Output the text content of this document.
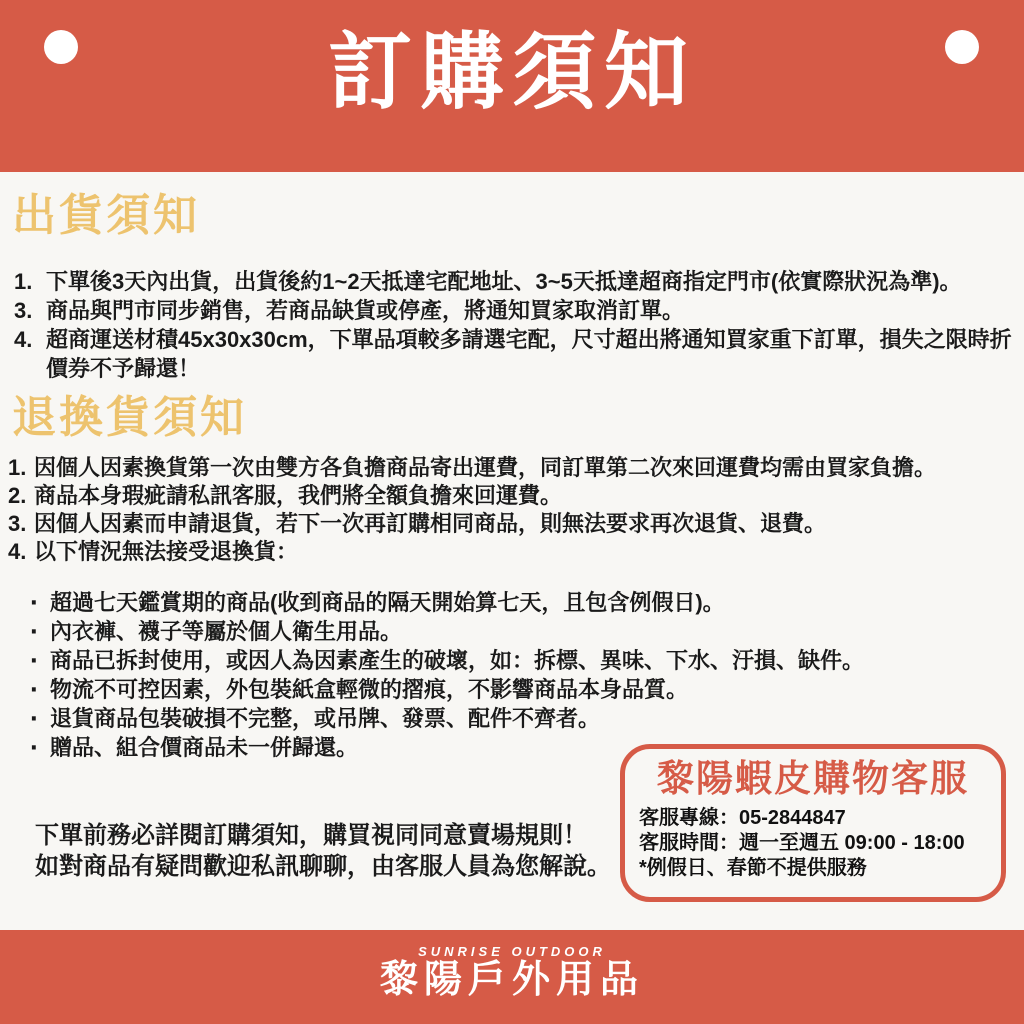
訂購須知
出貨須知
1. 下單後3天內出貨，出貨後約1~2天抵達宅配地址、3~5天抵達超商指定門市(依實際狀況為準)。
3. 商品與門市同步銷售，若商品缺貨或停產，將通知買家取消訂單。
4. 超商運送材積45x30x30cm，下單品項較多請選宅配，尺寸超出將通知買家重下訂單，損失之限時折價券不予歸還！
退換貨須知
1. 因個人因素換貨第一次由雙方各負擔商品寄出運費，同訂單第二次來回運費均需由買家負擔。
2. 商品本身瑕疵請私訊客服，我們將全額負擔來回運費。
3. 因個人因素而申請退貨，若下一次再訂購相同商品，則無法要求再次退貨、退費。
4. 以下情況無法接受退換貨：
‧ 超過七天鑑賞期的商品(收到商品的隔天開始算七天，且包含例假日)。
‧ 內衣褲、襪子等屬於個人衛生用品。
‧ 商品已拆封使用，或因人為因素產生的破壞，如：拆標、異味、下水、汙損、缺件。
‧ 物流不可控因素，外包裝紙盒輕微的摺痕，不影響商品本身品質。
‧ 退貨商品包裝破損不完整，或吊牌、發票、配件不齊者。
‧ 贈品、組合價商品未一併歸還。
下單前務必詳閱訂購須知，購買視同同意賣場規則！
如對商品有疑問歡迎私訊聊聊，由客服人員為您解說。
黎陽蝦皮購物客服
客服專線：05-2844847
客服時間：週一至週五 09:00 - 18:00
*例假日、春節不提供服務
SUNRISE OUTDOOR
黎陽戶外用品
